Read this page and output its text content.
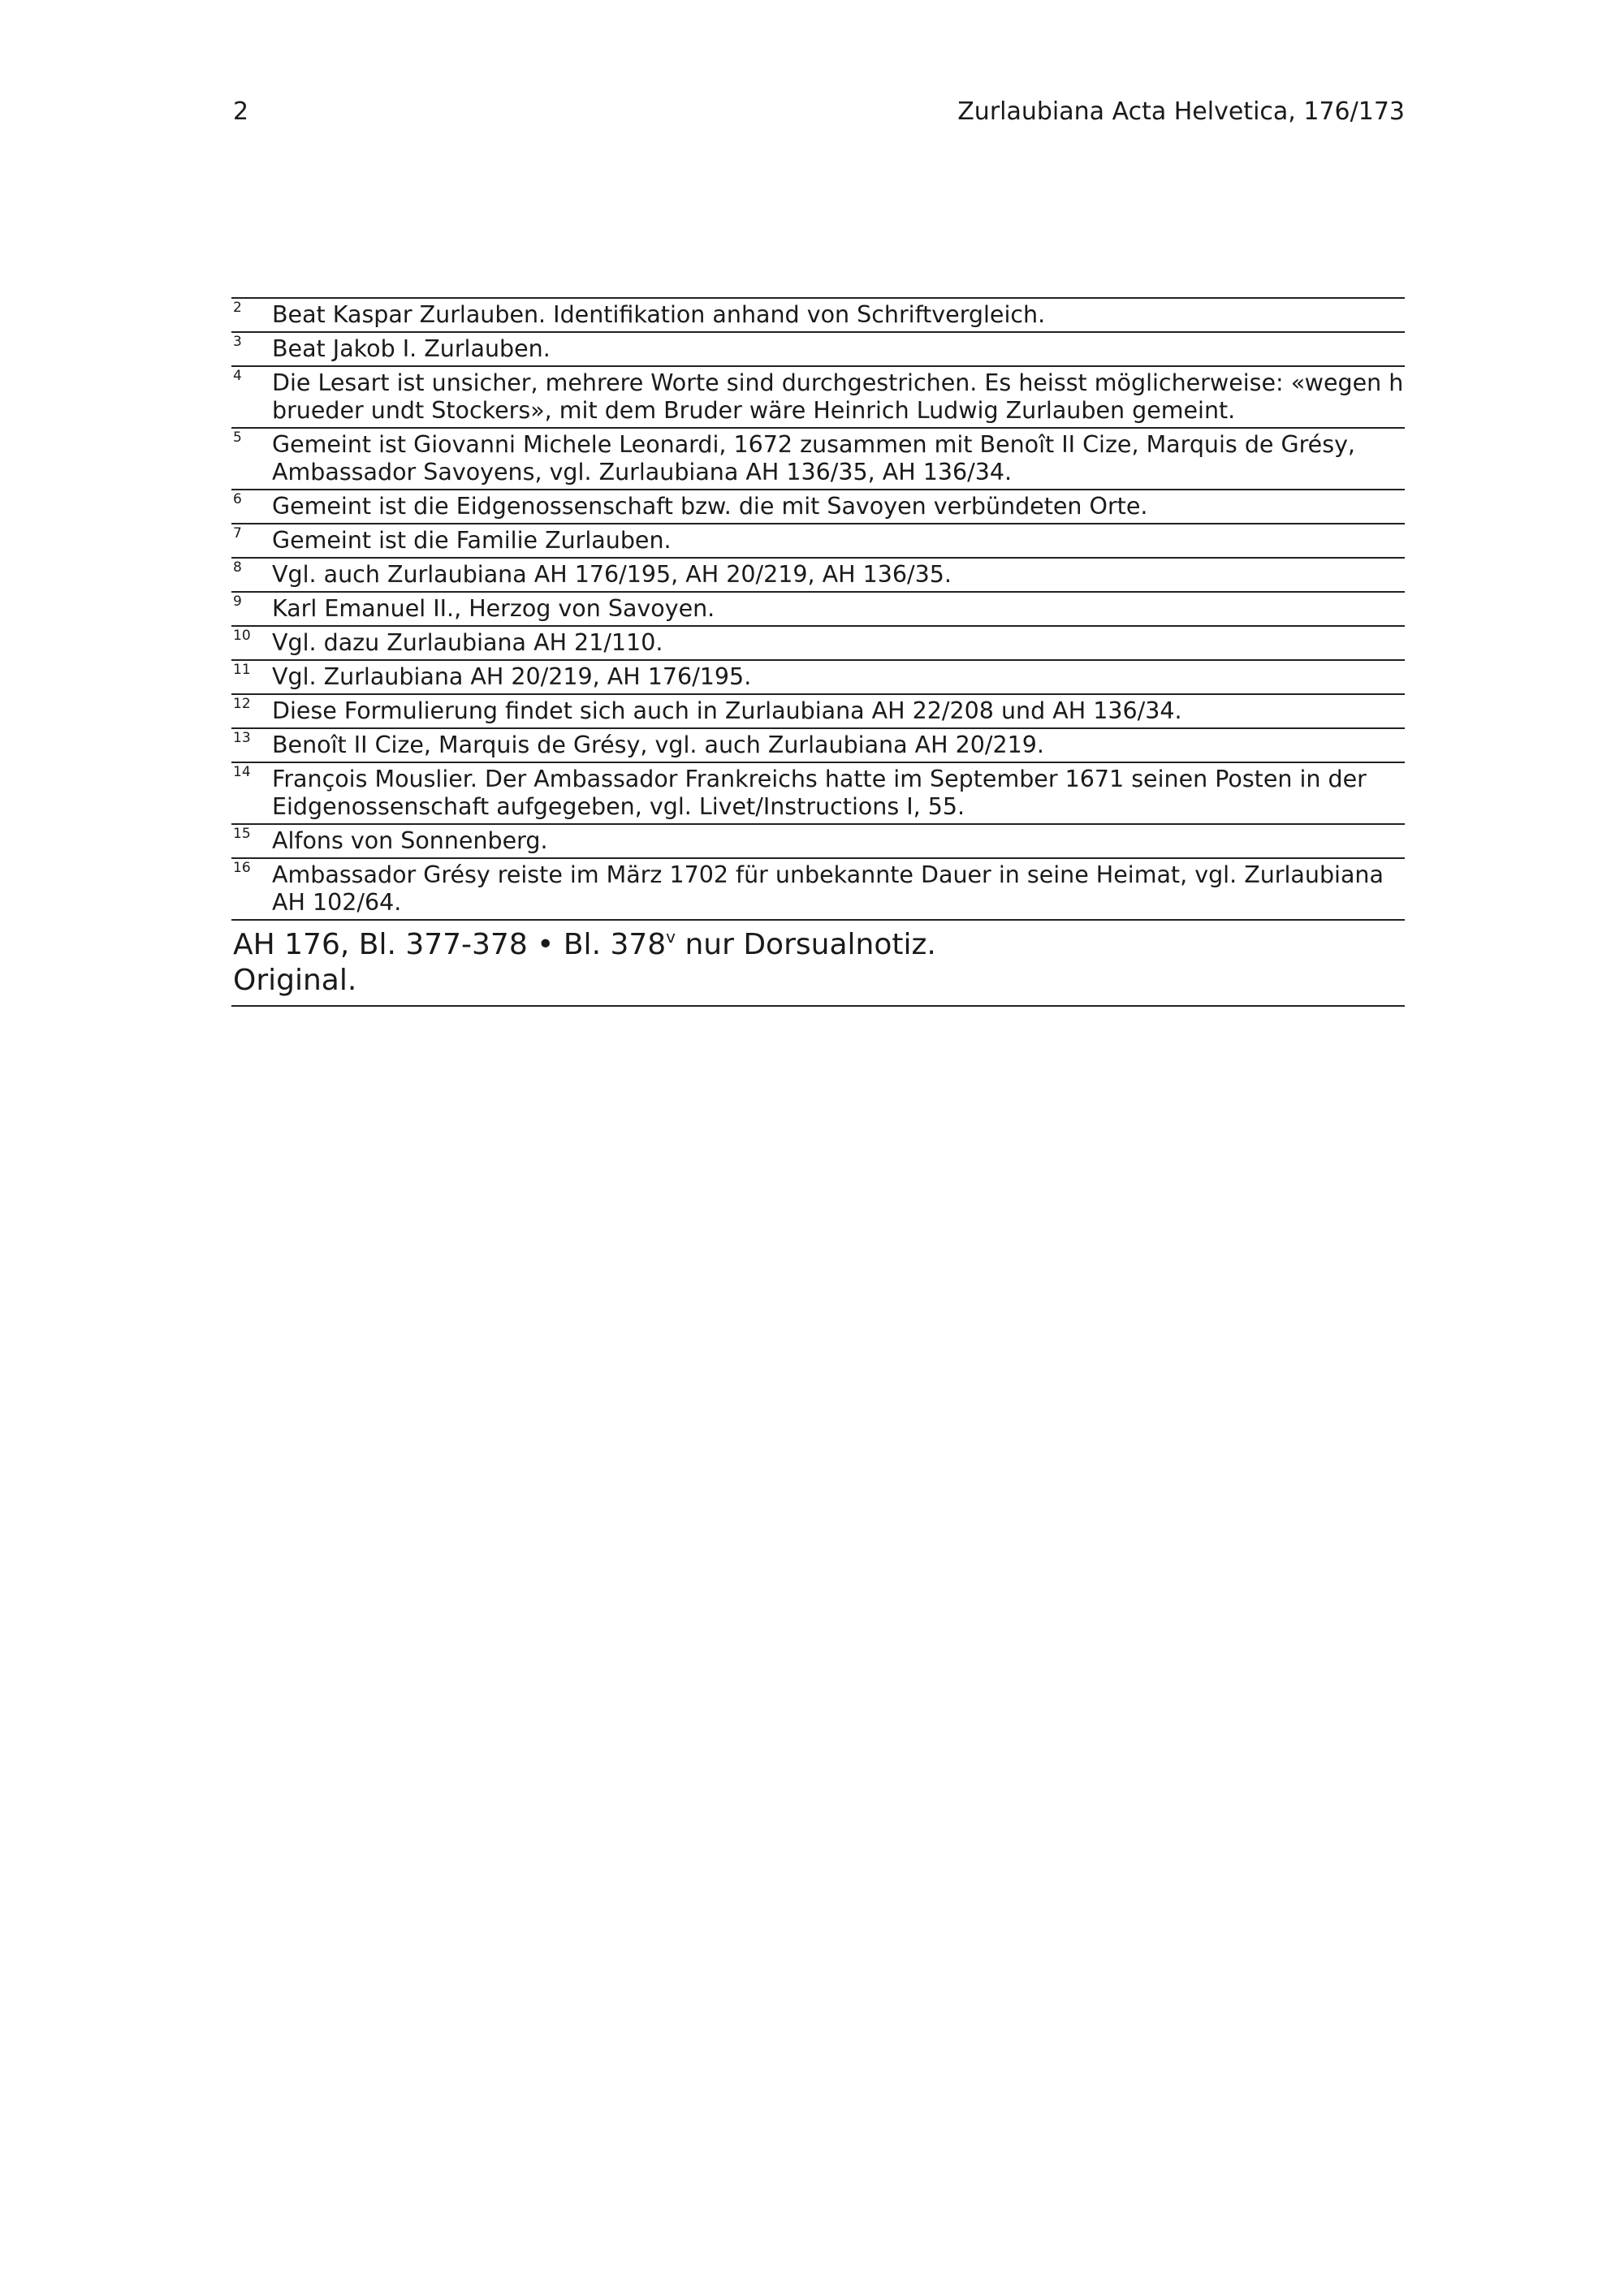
2	Zurlaubiana Acta Helvetica, 176/173
2 Beat Kaspar Zurlauben. Identifikation anhand von Schriftvergleich.
3 Beat Jakob I. Zurlauben.
4 Die Lesart ist unsicher, mehrere Worte sind durchgestrichen. Es heisst möglicherweise: «wegen h brueder undt Stockers», mit dem Bruder wäre Heinrich Ludwig Zurlauben gemeint.
5 Gemeint ist Giovanni Michele Leonardi, 1672 zusammen mit Benoît II Cize, Marquis de Grésy, Ambassador Savoyens, vgl. Zurlaubiana AH 136/35, AH 136/34.
6 Gemeint ist die Eidgenossenschaft bzw. die mit Savoyen verbündeten Orte.
7 Gemeint ist die Familie Zurlauben.
8 Vgl. auch Zurlaubiana AH 176/195, AH 20/219, AH 136/35.
9 Karl Emanuel II., Herzog von Savoyen.
10 Vgl. dazu Zurlaubiana AH 21/110.
11 Vgl. Zurlaubiana AH 20/219, AH 176/195.
12 Diese Formulierung findet sich auch in Zurlaubiana AH 22/208 und AH 136/34.
13 Benoît II Cize, Marquis de Grésy, vgl. auch Zurlaubiana AH 20/219.
14 François Mouslier. Der Ambassador Frankreichs hatte im September 1671 seinen Posten in der Eidgenossenschaft aufgegeben, vgl. Livet/Instructions I, 55.
15 Alfons von Sonnenberg.
16 Ambassador Grésy reiste im März 1702 für unbekannte Dauer in seine Heimat, vgl. Zurlaubiana AH 102/64.
AH 176, Bl. 377-378 • Bl. 378$^v$ nur Dorsualnotiz.
Original.
